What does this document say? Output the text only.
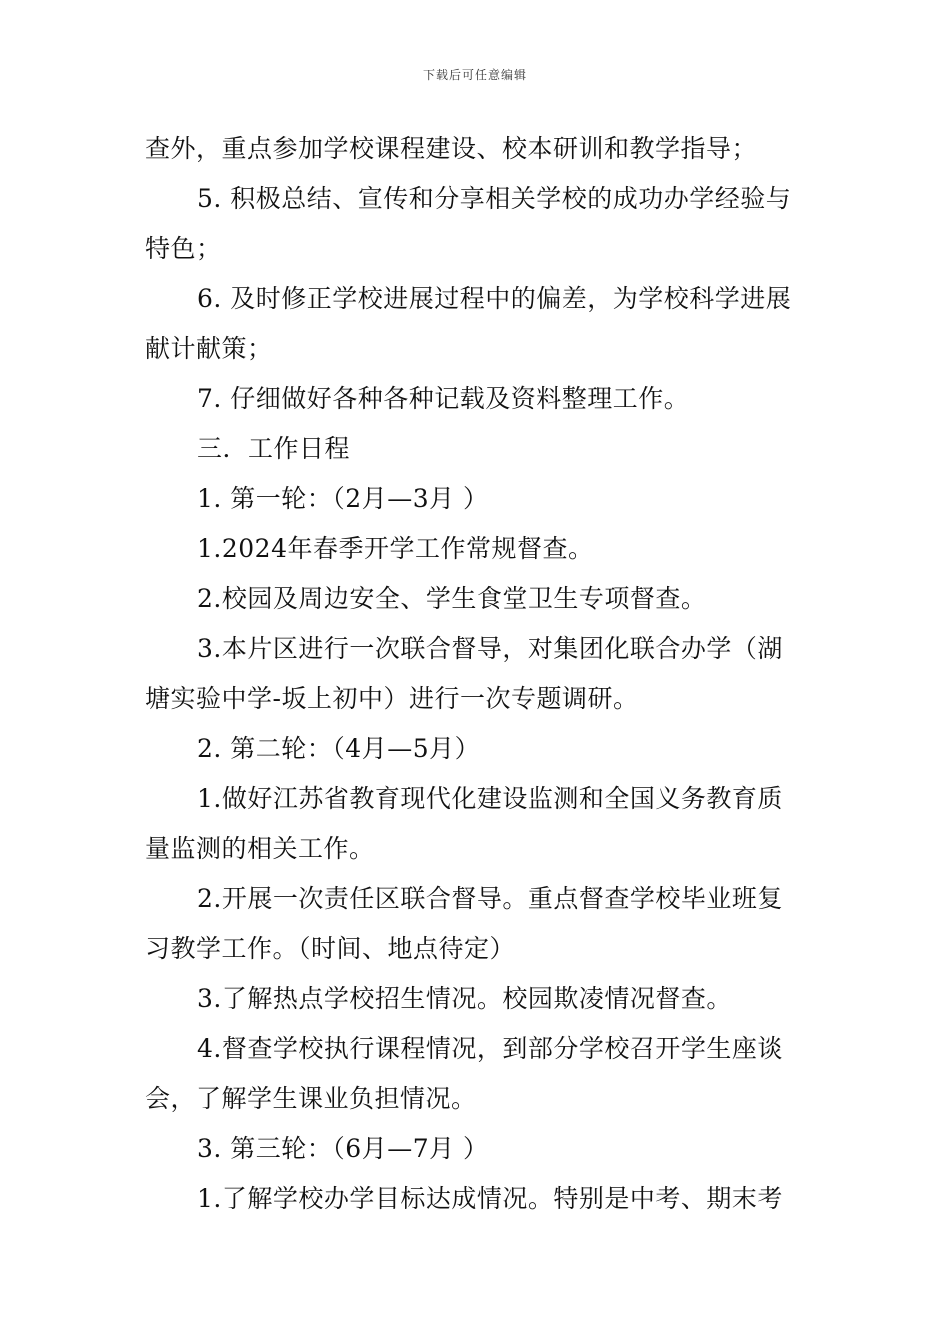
下载后可任意编辑
查外，重点参加学校课程建设、校本研训和教学指导；
5. 积极总结、宣传和分享相关学校的成功办学经验与
特色；
6. 及时修正学校进展过程中的偏差，为学校科学进展
献计献策；
7. 仔细做好各种各种记载及资料整理工作。
三．工作日程
1. 第一轮：（2月—3月 ）
1.2024年春季开学工作常规督查。
2.校园及周边安全、学生食堂卫生专项督查。
3.本片区进行一次联合督导，对集团化联合办学（湖
塘实验中学-坂上初中）进行一次专题调研。
2. 第二轮：（4月—5月）
1.做好江苏省教育现代化建设监测和全国义务教育质
量监测的相关工作。
2.开展一次责任区联合督导。重点督查学校毕业班复
习教学工作。（时间、地点待定）
3.了解热点学校招生情况。校园欺凌情况督查。
4.督查学校执行课程情况，到部分学校召开学生座谈
会，了解学生课业负担情况。
3. 第三轮：（6月—7月 ）
1.了解学校办学目标达成情况。特别是中考、期末考
